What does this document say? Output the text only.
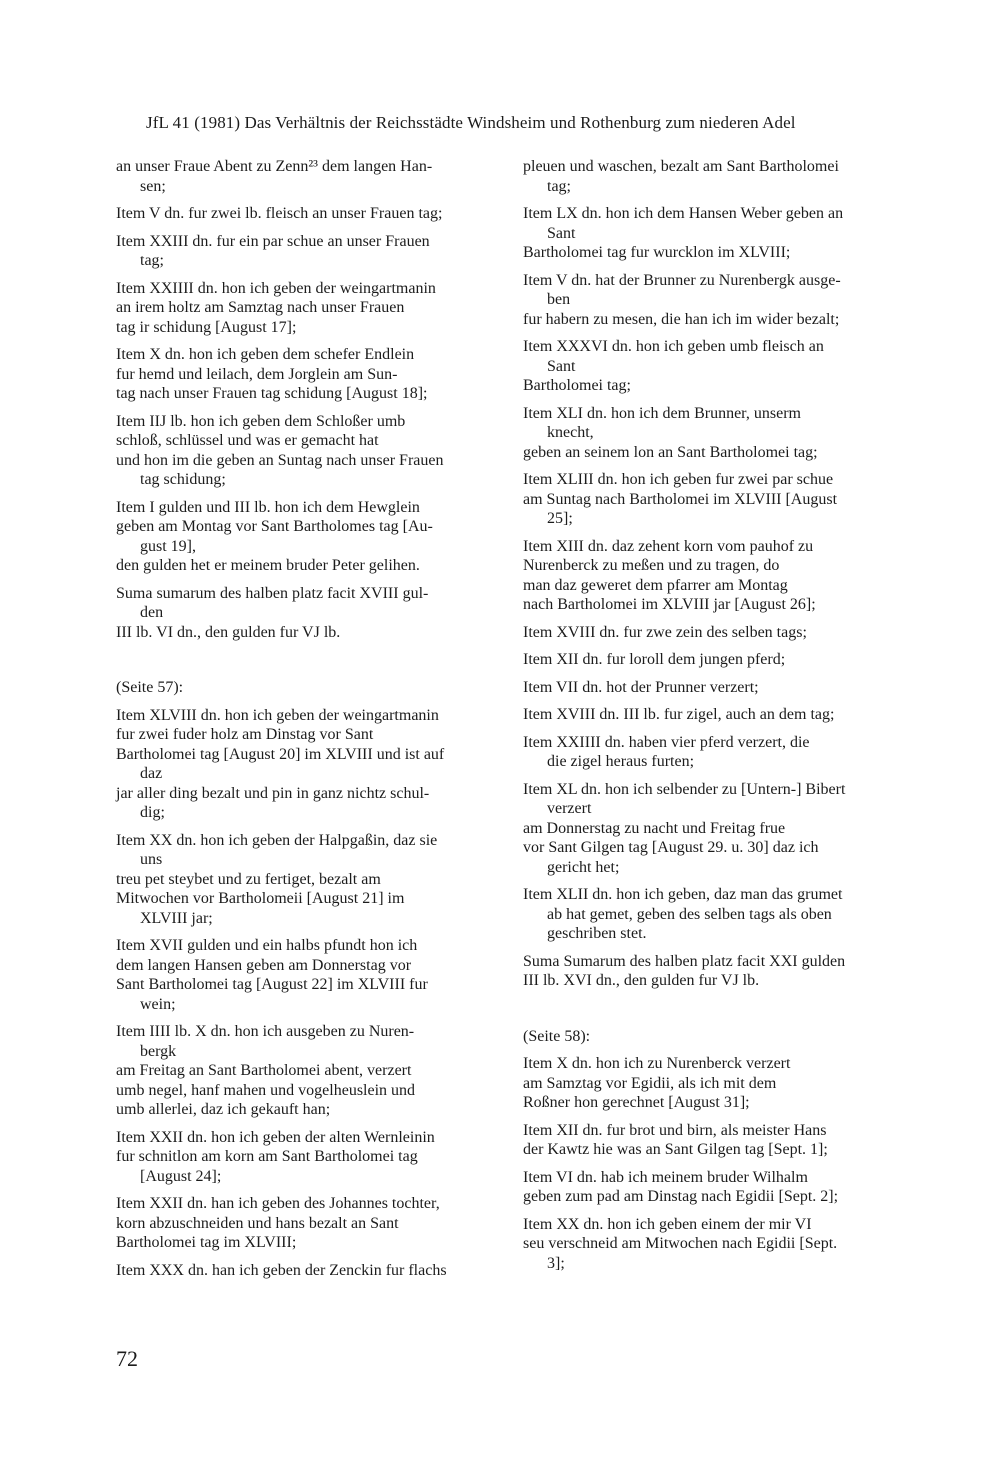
JfL 41 (1981) Das Verhältnis der Reichsstädte Windsheim und Rothenburg zum niederen Adel
an unser Fraue Abent zu Zenn²³ dem langen Han-
sen;
Item V dn. fur zwei lb. fleisch an unser Frauen tag;
Item XXIII dn. fur ein par schue an unser Frauen
tag;
Item XXIIII dn. hon ich geben der weingartmanin
an irem holtz am Samztag nach unser Frauen
tag ir schidung [August 17];
Item X dn. hon ich geben dem schefer Endlein
fur hemd und leilach, dem Jorglein am Sun-
tag nach unser Frauen tag schidung [August 18];
Item IIJ lb. hon ich geben dem Schloßer umb
schloß, schlüssel und was er gemacht hat
und hon im die geben an Suntag nach unser Frauen
tag schidung;
Item I gulden und III lb. hon ich dem Hewglein
geben am Montag vor Sant Bartholomes tag [Au-
gust 19],
den gulden het er meinem bruder Peter gelihen.
Suma sumarum des halben platz facit XVIII gul-
den
III lb. VI dn., den gulden fur VJ lb.
(Seite 57):
Item XLVIII dn. hon ich geben der weingartmanin
fur zwei fuder holz am Dinstag vor Sant
Bartholomei tag [August 20] im XLVIII und ist auf
daz
jar aller ding bezalt und pin in ganz nichtz schul-
dig;
Item XX dn. hon ich geben der Halpgaßin, daz sie
uns
treu pet steybet und zu fertiget, bezalt am
Mitwochen vor Bartholomeii [August 21] im
XLVIII jar;
Item XVII gulden und ein halbs pfundt hon ich
dem langen Hansen geben am Donnerstag vor
Sant Bartholomei tag [August 22] im XLVIII fur
wein;
Item IIII lb. X dn. hon ich ausgeben zu Nuren-
bergk
am Freitag an Sant Bartholomei abent, verzert
umb negel, hanf mahen und vogelheuslein und
umb allerlei, daz ich gekauft han;
Item XXII dn. hon ich geben der alten Wernleinin
fur schnitlon am korn am Sant Bartholomei tag
[August 24];
Item XXII dn. han ich geben des Johannes tochter,
korn abzuschneiden und hans bezalt an Sant
Bartholomei tag im XLVIII;
Item XXX dn. han ich geben der Zenckin fur flachs
pleuen und waschen, bezalt am Sant Bartholomei
tag;
Item LX dn. hon ich dem Hansen Weber geben an
Sant
Bartholomei tag fur wurcklon im XLVIII;
Item V dn. hat der Brunner zu Nurenbergk ausge-
ben
fur habern zu mesen, die han ich im wider bezalt;
Item XXXVI dn. hon ich geben umb fleisch an
Sant
Bartholomei tag;
Item XLI dn. hon ich dem Brunner, unserm
knecht,
geben an seinem lon an Sant Bartholomei tag;
Item XLIII dn. hon ich geben fur zwei par schue
am Suntag nach Bartholomei im XLVIII [August
25];
Item XIII dn. daz zehent korn vom pauhof zu
Nurenberck zu meßen und zu tragen, do
man daz geweret dem pfarrer am Montag
nach Bartholomei im XLVIII jar [August 26];
Item XVIII dn. fur zwe zein des selben tags;
Item XII dn. fur loroll dem jungen pferd;
Item VII dn. hot der Prunner verzert;
Item XVIII dn. III lb. fur zigel, auch an dem tag;
Item XXIIII dn. haben vier pferd verzert, die
die zigel heraus furten;
Item XL dn. hon ich selbender zu [Untern-] Bibert
verzert
am Donnerstag zu nacht und Freitag frue
vor Sant Gilgen tag [August 29. u. 30] daz ich
gericht het;
Item XLII dn. hon ich geben, daz man das grumet
ab hat gemet, geben des selben tags als oben
geschriben stet.
Suma Sumarum des halben platz facit XXI gulden
III lb. XVI dn., den gulden fur VJ lb.
(Seite 58):
Item X dn. hon ich zu Nurenberck verzert
am Samztag vor Egidii, als ich mit dem
Roßner hon gerechnet [August 31];
Item XII dn. fur brot und birn, als meister Hans
der Kawtz hie was an Sant Gilgen tag [Sept. 1];
Item VI dn. hab ich meinem bruder Wilhalm
geben zum pad am Dinstag nach Egidii [Sept. 2];
Item XX dn. hon ich geben einem der mir VI
seu verschneid am Mitwochen nach Egidii [Sept.
3];
72
